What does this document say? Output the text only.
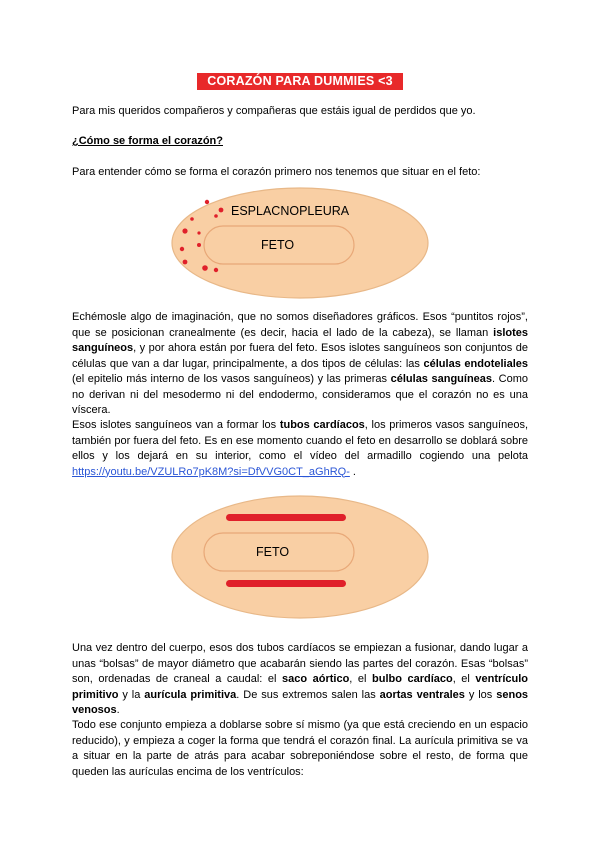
CORAZÓN PARA DUMMIES <3

Para mis queridos compañeros y compañeras que estáis igual de perdidos que yo.

¿Cómo se forma el corazón?

Para entender cómo se forma el corazón primero nos tenemos que situar en el feto:

ESPLACNOPLEURA
FETO

Echémosle algo de imaginación, que no somos diseñadores gráficos. Esos “puntitos rojos”, que se posicionan cranealmente (es decir, hacia el lado de la cabeza), se llaman islotes sanguíneos, y por ahora están por fuera del feto. Esos islotes sanguíneos son conjuntos de células que van a dar lugar, principalmente, a dos tipos de células: las células endoteliales (el epitelio más interno de los vasos sanguíneos) y las primeras células sanguíneas. Como no derivan ni del mesodermo ni del endodermo, consideramos que el corazón no es una víscera.

Esos islotes sanguíneos van a formar los tubos cardíacos, los primeros vasos sanguíneos, también por fuera del feto. Es en ese momento cuando el feto en desarrollo se doblará sobre ellos y los dejará en su interior, como el vídeo del armadillo cogiendo una pelota https://youtu.be/VZULRo7pK8M?si=DfVVG0CT_aGhRQ- .

FETO

Una vez dentro del cuerpo, esos dos tubos cardíacos se empiezan a fusionar, dando lugar a unas “bolsas” de mayor diámetro que acabarán siendo las partes del corazón. Esas “bolsas” son, ordenadas de craneal a caudal: el saco aórtico, el bulbo cardíaco, el ventrículo primitivo y la aurícula primitiva. De sus extremos salen las aortas ventrales y los senos venosos.

Todo ese conjunto empieza a doblarse sobre sí mismo (ya que está creciendo en un espacio reducido), y empieza a coger la forma que tendrá el corazón final. La aurícula primitiva se va a situar en la parte de atrás para acabar sobreponiéndose sobre el resto, de forma que queden las aurículas encima de los ventrículos:
